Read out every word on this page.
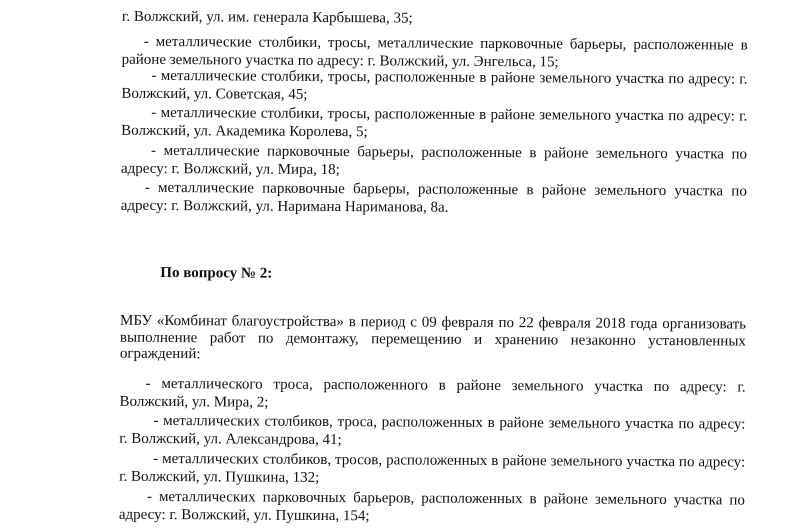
г. Волжский, ул. им. генерала Карбышева, 35;
- металлические столбики, тросы, металлические парковочные барьеры, расположенные в районе земельного участка по адресу: г. Волжский, ул. Энгельса, 15;
- металлические столбики, тросы, расположенные в районе земельного участка по адресу: г. Волжский, ул. Советская, 45;
- металлические столбики, тросы, расположенные в районе земельного участка по адресу: г. Волжский, ул. Академика Королева, 5;
- металлические парковочные барьеры, расположенные в районе земельного участка по адресу: г. Волжский, ул. Мира, 18;
- металлические парковочные барьеры, расположенные в районе земельного участка по адресу: г. Волжский, ул. Наримана Нариманова, 8а.
По вопросу № 2:
МБУ «Комбинат благоустройства» в период с 09 февраля по 22 февраля 2018 года организовать выполнение работ по демонтажу, перемещению и хранению незаконно установленных ограждений:
- металлического троса, расположенного в районе земельного участка по адресу: г. Волжский, ул. Мира, 2;
- металлических столбиков, троса, расположенных в районе земельного участка по адресу: г. Волжский, ул. Александрова, 41;
- металлических столбиков, тросов, расположенных в районе земельного участка по адресу: г. Волжский, ул. Пушкина, 132;
- металлических парковочных барьеров, расположенных в районе земельного участка по адресу: г. Волжский, ул. Пушкина, 154;
